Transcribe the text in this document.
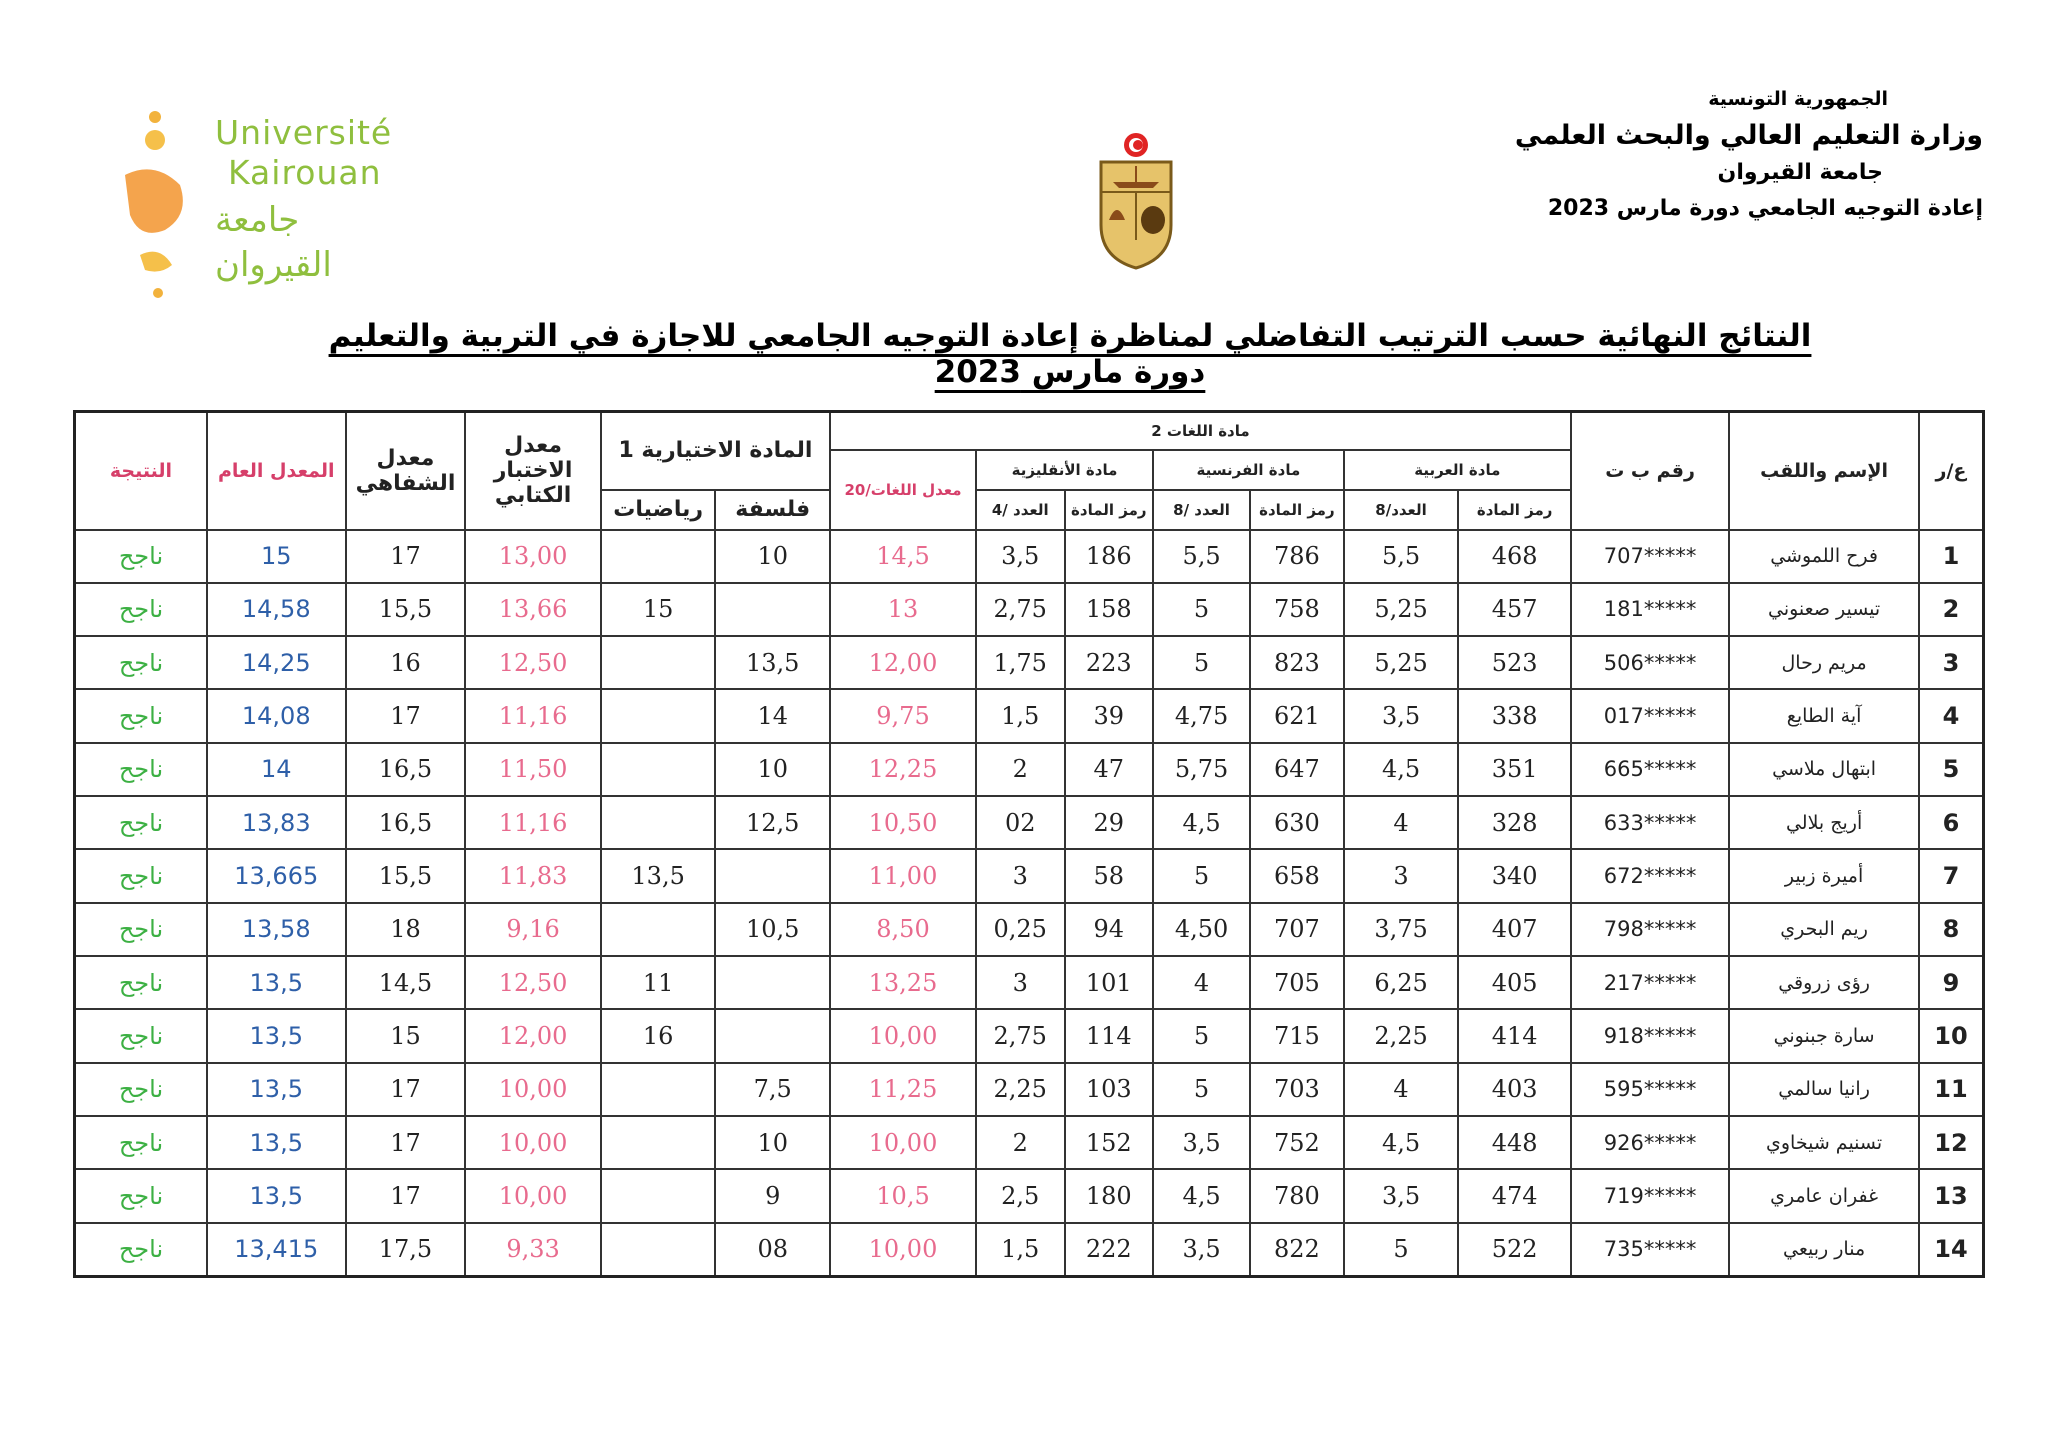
Université
Kairouan
جامعة
القيروان
الجمهورية التونسية
وزارة التعليم العالي والبحث العلمي
جامعة القيروان
إعادة التوجيه الجامعي دورة مارس 2023
النتائج النهائية حسب الترتيب التفاضلي لمناظرة إعادة التوجيه الجامعي للاجازة في التربية والتعليم دورة مارس 2023
ع/ر	الإسم واللقب	رقم ب ت	مادة اللغات 2							المادة الاختيارية 1		معدل الاختبار الكتابي	معدل الشفاهي	المعدل العام	النتيجة
			مادة العربية		مادة الفرنسية		مادة الأنقليزية		معدل اللغات/20						
			رمز المادة	العدد/8	رمز المادة	العدد /8	رمز المادة	العدد /4		فلسفة	رياضيات				
1	فرح اللموشي	*****707	468	5,5	786	5,5	186	3,5	14,5	10		13,00	17	15	ناجح
2	تيسير صعنوني	*****181	457	5,25	758	5	158	2,75	13		15	13,66	15,5	14,58	ناجح
3	مريم رحال	*****506	523	5,25	823	5	223	1,75	12,00	13,5		12,50	16	14,25	ناجح
4	آية الطايع	*****017	338	3,5	621	4,75	39	1,5	9,75	14		11,16	17	14,08	ناجح
5	ابتهال ملاسي	*****665	351	4,5	647	5,75	47	2	12,25	10		11,50	16,5	14	ناجح
6	أريج بلالي	*****633	328	4	630	4,5	29	02	10,50	12,5		11,16	16,5	13,83	ناجح
7	أميرة زبير	*****672	340	3	658	5	58	3	11,00		13,5	11,83	15,5	13,665	ناجح
8	ريم البحري	*****798	407	3,75	707	4,50	94	0,25	8,50	10,5		9,16	18	13,58	ناجح
9	رؤى زروقي	*****217	405	6,25	705	4	101	3	13,25		11	12,50	14,5	13,5	ناجح
10	سارة جبنوني	*****918	414	2,25	715	5	114	2,75	10,00		16	12,00	15	13,5	ناجح
11	رانيا سالمي	*****595	403	4	703	5	103	2,25	11,25	7,5		10,00	17	13,5	ناجح
12	تسنيم شيخاوي	*****926	448	4,5	752	3,5	152	2	10,00	10		10,00	17	13,5	ناجح
13	غفران عامري	*****719	474	3,5	780	4,5	180	2,5	10,5	9		10,00	17	13,5	ناجح
14	منار ربيعي	*****735	522	5	822	3,5	222	1,5	10,00	08		9,33	17,5	13,415	ناجح
